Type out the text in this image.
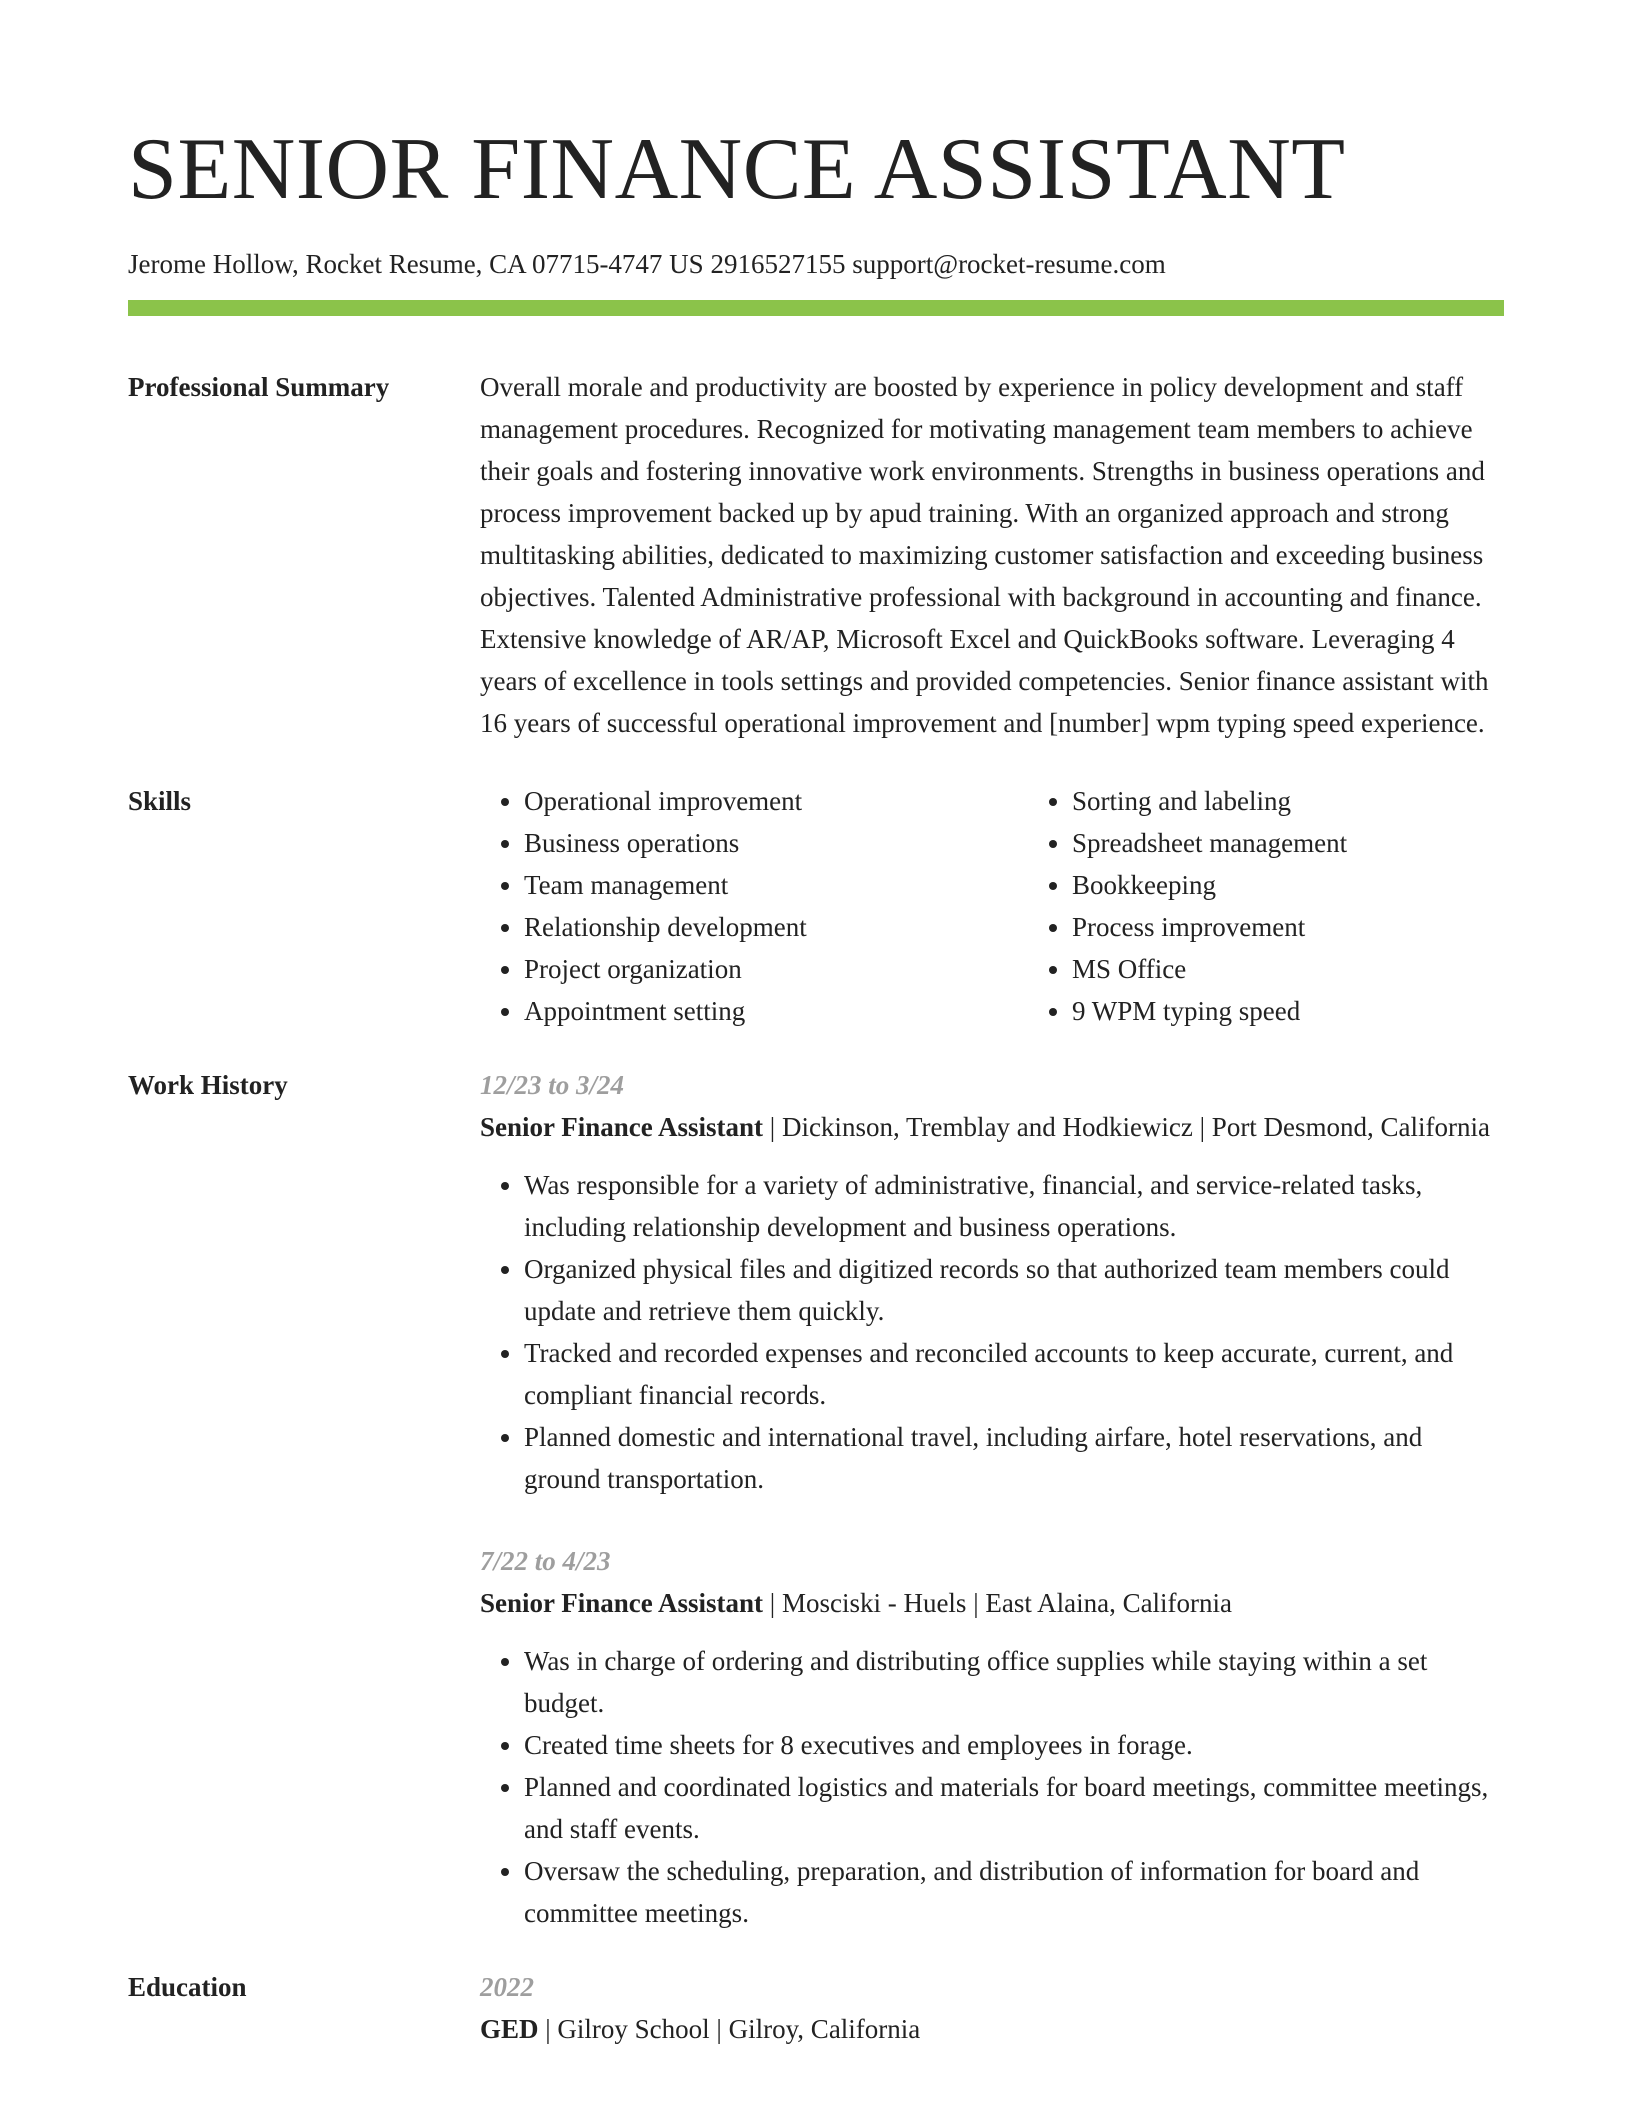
SENIOR FINANCE ASSISTANT
Jerome Hollow, Rocket Resume, CA 07715-4747 US 2916527155 support@rocket-resume.com
Professional Summary	Overall morale and productivity are boosted by experience in policy development and staff management procedures. Recognized for motivating management team members to achieve their goals and fostering innovative work environments. Strengths in business operations and process improvement backed up by apud training. With an organized approach and strong multitasking abilities, dedicated to maximizing customer satisfaction and exceeding business objectives. Talented Administrative professional with background in accounting and finance. Extensive knowledge of AR/AP, Microsoft Excel and QuickBooks software. Leveraging 4 years of excellence in tools settings and provided competencies. Senior finance assistant with 16 years of successful operational improvement and [number] wpm typing speed experience.
Skills
•	Operational improvement
• Business operations
• Team management
• Relationship development
• Project organization
• Appointment setting
• Sorting and labeling
• Spreadsheet management
• Bookkeeping
• Process improvement
• MS Office
• 9 WPM typing speed
Work History	12/23 to 3/24
Senior Finance Assistant | Dickinson, Tremblay and Hodkiewicz | Port Desmond, California
• Was responsible for a variety of administrative, financial, and service-related tasks, including relationship development and business operations.
• Organized physical files and digitized records so that authorized team members could update and retrieve them quickly.
• Tracked and recorded expenses and reconciled accounts to keep accurate, current, and compliant financial records.
• Planned domestic and international travel, including airfare, hotel reservations, and ground transportation.
7/22 to 4/23
Senior Finance Assistant | Mosciski - Huels | East Alaina, California
• Was in charge of ordering and distributing office supplies while staying within a set budget.
• Created time sheets for 8 executives and employees in forage.
• Planned and coordinated logistics and materials for board meetings, committee meetings, and staff events.
• Oversaw the scheduling, preparation, and distribution of information for board and committee meetings.
Education	2022
GED | Gilroy School | Gilroy, California
